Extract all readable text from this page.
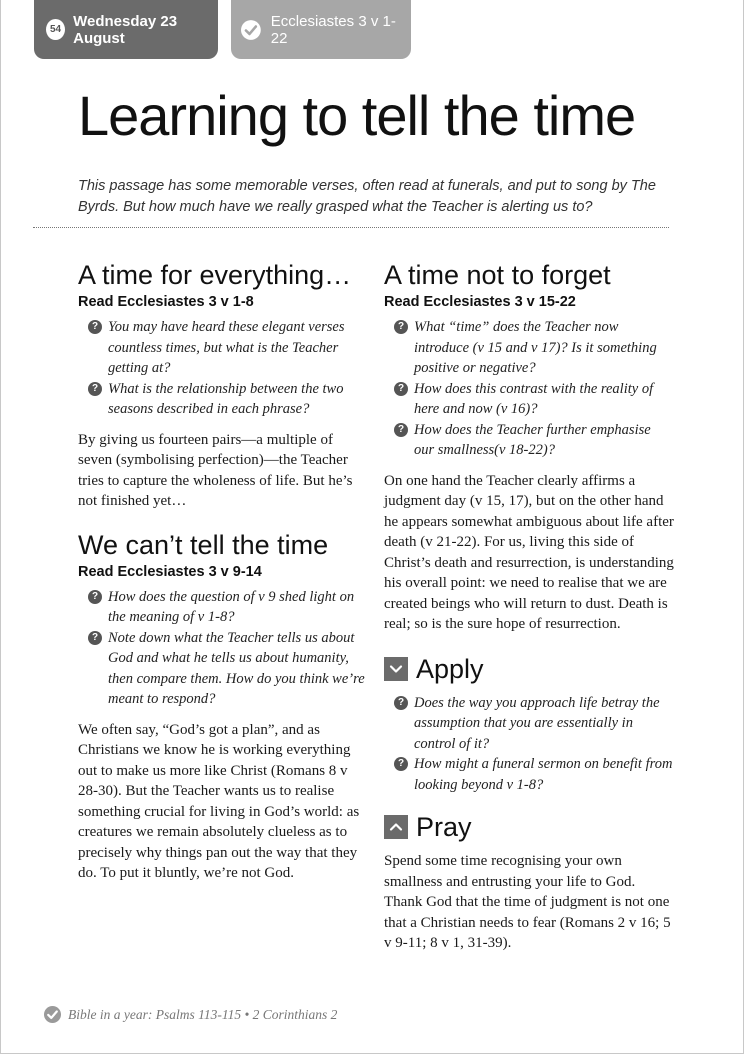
54 Wednesday 23 August
Ecclesiastes 3 v 1-22
Learning to tell the time

This passage has some memorable verses, often read at funerals, and put to song by The Byrds. But how much have we really grasped what the Teacher is alerting us to?

A time for everything…
Read Ecclesiastes 3 v 1-8
? You may have heard these elegant verses countless times, but what is the Teacher getting at?
? What is the relationship between the two seasons described in each phrase?

By giving us fourteen pairs—a multiple of seven (symbolising perfection)—the Teacher tries to capture the wholeness of life. But he’s not finished yet…

We can’t tell the time
Read Ecclesiastes 3 v 9-14
? How does the question of v 9 shed light on the meaning of v 1-8?
? Note down what the Teacher tells us about God and what he tells us about humanity, then compare them. How do you think we’re meant to respond?

We often say, “God’s got a plan”, and as Christians we know he is working everything out to make us more like Christ (Romans 8 v 28-30). But the Teacher wants us to realise something crucial for living in God’s world: as creatures we remain absolutely clueless as to precisely why things pan out the way that they do. To put it bluntly, we’re not God.

A time not to forget
Read Ecclesiastes 3 v 15-22
? What “time” does the Teacher now introduce (v 15 and v 17)? Is it something positive or negative?
? How does this contrast with the reality of here and now (v 16)?
? How does the Teacher further emphasise our smallness(v 18-22)?

On one hand the Teacher clearly affirms a judgment day (v 15, 17), but on the other hand he appears somewhat ambiguous about life after death (v 21-22). For us, living this side of Christ’s death and resurrection, is understanding his overall point: we need to realise that we are created beings who will return to dust. Death is real; so is the sure hope of resurrection.

Apply
? Does the way you approach life betray the assumption that you are essentially in control of it?
? How might a funeral sermon on benefit from looking beyond v 1-8?
Pray

Spend some time recognising your own smallness and entrusting your life to God. Thank God that the time of judgment is not one that a Christian needs to fear (Romans 2 v 16; 5 v 9-11; 8 v 1, 31-39).

Bible in a year: Psalms 113-115 • 2 Corinthians 2
